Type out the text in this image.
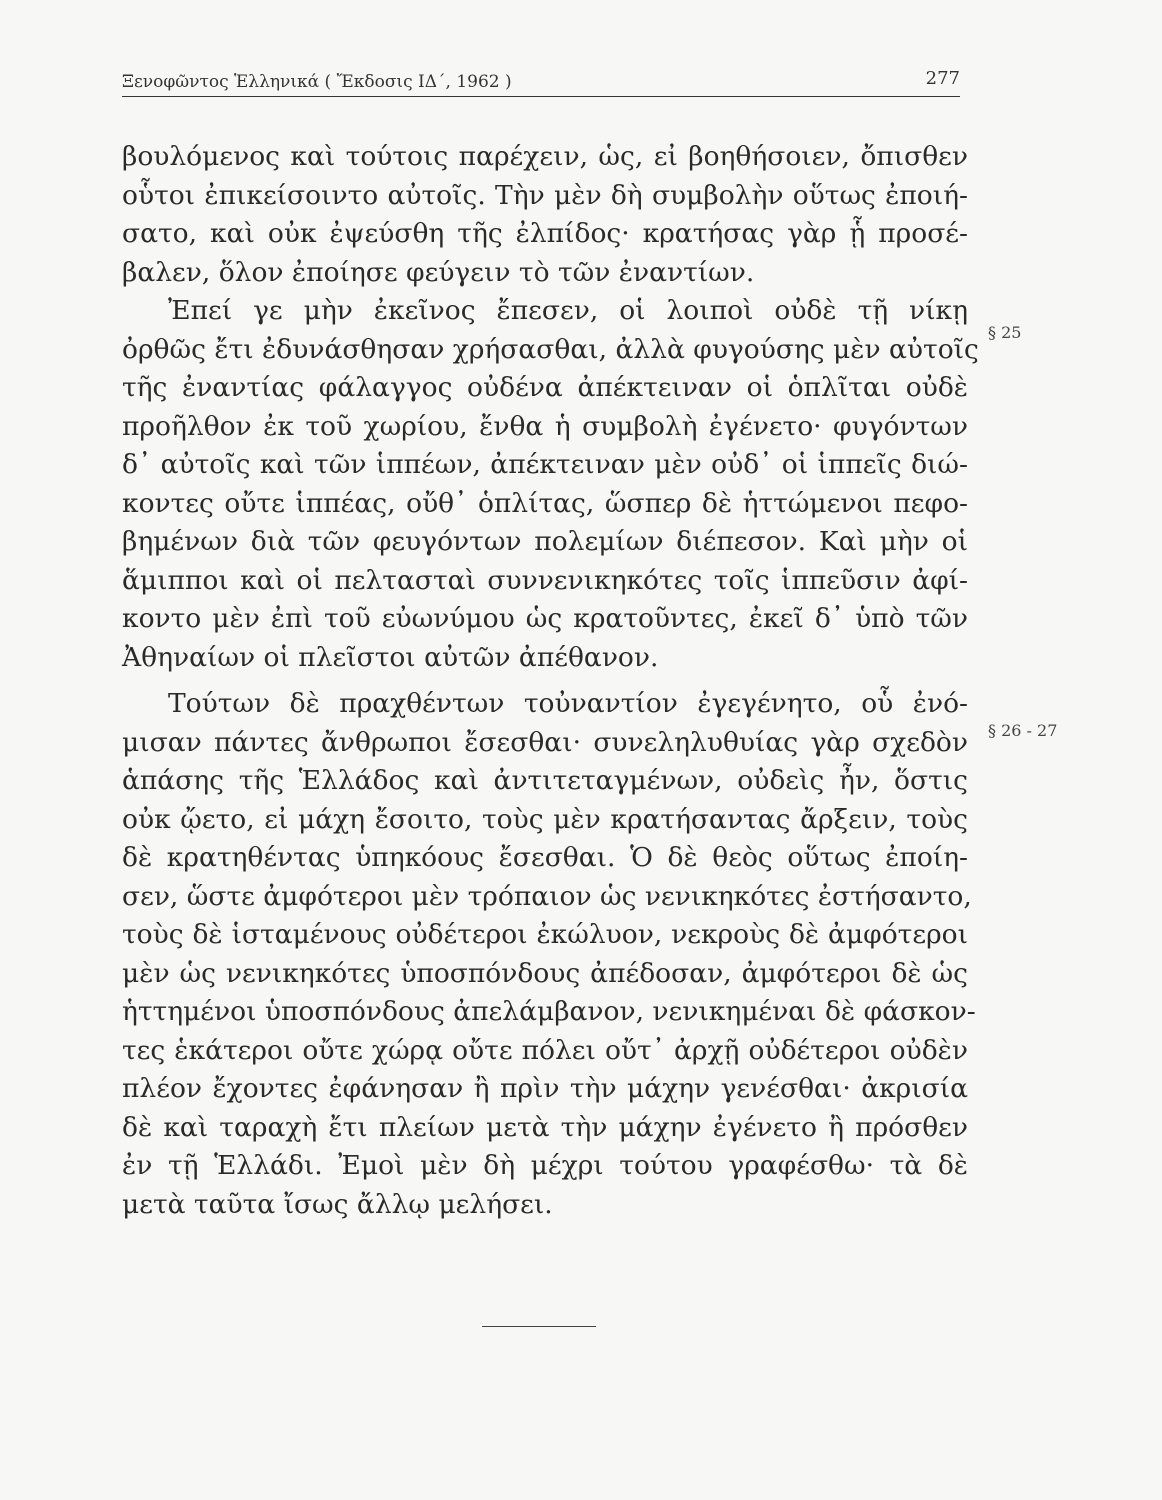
Ξενοφῶντος Ἑλληνικά ( Ἔκδοσις ΙΔ΄, 1962 )	277
βουλόμενος καὶ τούτοις παρέχειν, ὡς, εἰ βοηθήσοιεν, ὄπισθεν
οὗτοι ἐπικείσοιντο αὐτοῖς. Τὴν μὲν δὴ συμβολὴν οὕτως ἐποιή-
σατο, καὶ οὐκ ἐψεύσθη τῆς ἐλπίδος· κρατήσας γὰρ ᾗ προσέ-
βαλεν, ὅλον ἐποίησε φεύγειν τὸ τῶν ἐναντίων.
Ἐπεί γε μὴν ἐκεῖνος ἔπεσεν, οἱ λοιποὶ οὐδὲ τῇ νίκῃ
ὀρθῶς ἔτι ἐδυνάσθησαν χρήσασθαι, ἀλλὰ φυγούσης μὲν αὐτοῖς
τῆς ἐναντίας φάλαγγος οὐδένα ἀπέκτειναν οἱ ὁπλῖται οὐδὲ
προῆλθον ἐκ τοῦ χωρίου, ἔνθα ἡ συμβολὴ ἐγένετο· φυγόντων
δ᾽ αὐτοῖς καὶ τῶν ἱππέων, ἀπέκτειναν μὲν οὐδ᾽ οἱ ἱππεῖς διώ-
κοντες οὔτε ἱππέας, οὔθ᾽ ὁπλίτας, ὥσπερ δὲ ἡττώμενοι πεφο-
βημένων διὰ τῶν φευγόντων πολεμίων διέπεσον. Καὶ μὴν οἱ
ἅμιπποι καὶ οἱ πελτασταὶ συννενικηκότες τοῖς ἱππεῦσιν ἀφί-
κοντο μὲν ἐπὶ τοῦ εὐωνύμου ὡς κρατοῦντες, ἐκεῖ δ᾽ ὑπὸ τῶν
Ἀθηναίων οἱ πλεῖστοι αὐτῶν ἀπέθανον.
Τούτων δὲ πραχθέντων τοὐναντίον ἐγεγένητο, οὗ ἐνό-
μισαν πάντες ἄνθρωποι ἔσεσθαι· συνεληλυθυίας γὰρ σχεδὸν
ἁπάσης τῆς Ἑλλάδος καὶ ἀντιτεταγμένων, οὐδεὶς ἦν, ὅστις
οὐκ ᾤετο, εἰ μάχη ἔσοιτο, τοὺς μὲν κρατήσαντας ἄρξειν, τοὺς
δὲ κρατηθέντας ὑπηκόους ἔσεσθαι. Ὁ δὲ θεὸς οὕτως ἐποίη-
σεν, ὥστε ἀμφότεροι μὲν τρόπαιον ὡς νενικηκότες ἐστήσαντο,
τοὺς δὲ ἱσταμένους οὐδέτεροι ἐκώλυον, νεκροὺς δὲ ἀμφότεροι
μὲν ὡς νενικηκότες ὑποσπόνδους ἀπέδοσαν, ἀμφότεροι δὲ ὡς
ἡττημένοι ὑποσπόνδους ἀπελάμβανον, νενικημέναι δὲ φάσκον-
τες ἑκάτεροι οὔτε χώρᾳ οὔτε πόλει οὔτ᾽ ἀρχῇ οὐδέτεροι οὐδὲν
πλέον ἔχοντες ἐφάνησαν ἢ πρὶν τὴν μάχην γενέσθαι· ἀκρισία
δὲ καὶ ταραχὴ ἔτι πλείων μετὰ τὴν μάχην ἐγένετο ἢ πρόσθεν
ἐν τῇ Ἑλλάδι. Ἐμοὶ μὲν δὴ μέχρι τούτου γραφέσθω· τὰ δὲ
μετὰ ταῦτα ἴσως ἄλλῳ μελήσει.
§ 25
§ 26 - 27
